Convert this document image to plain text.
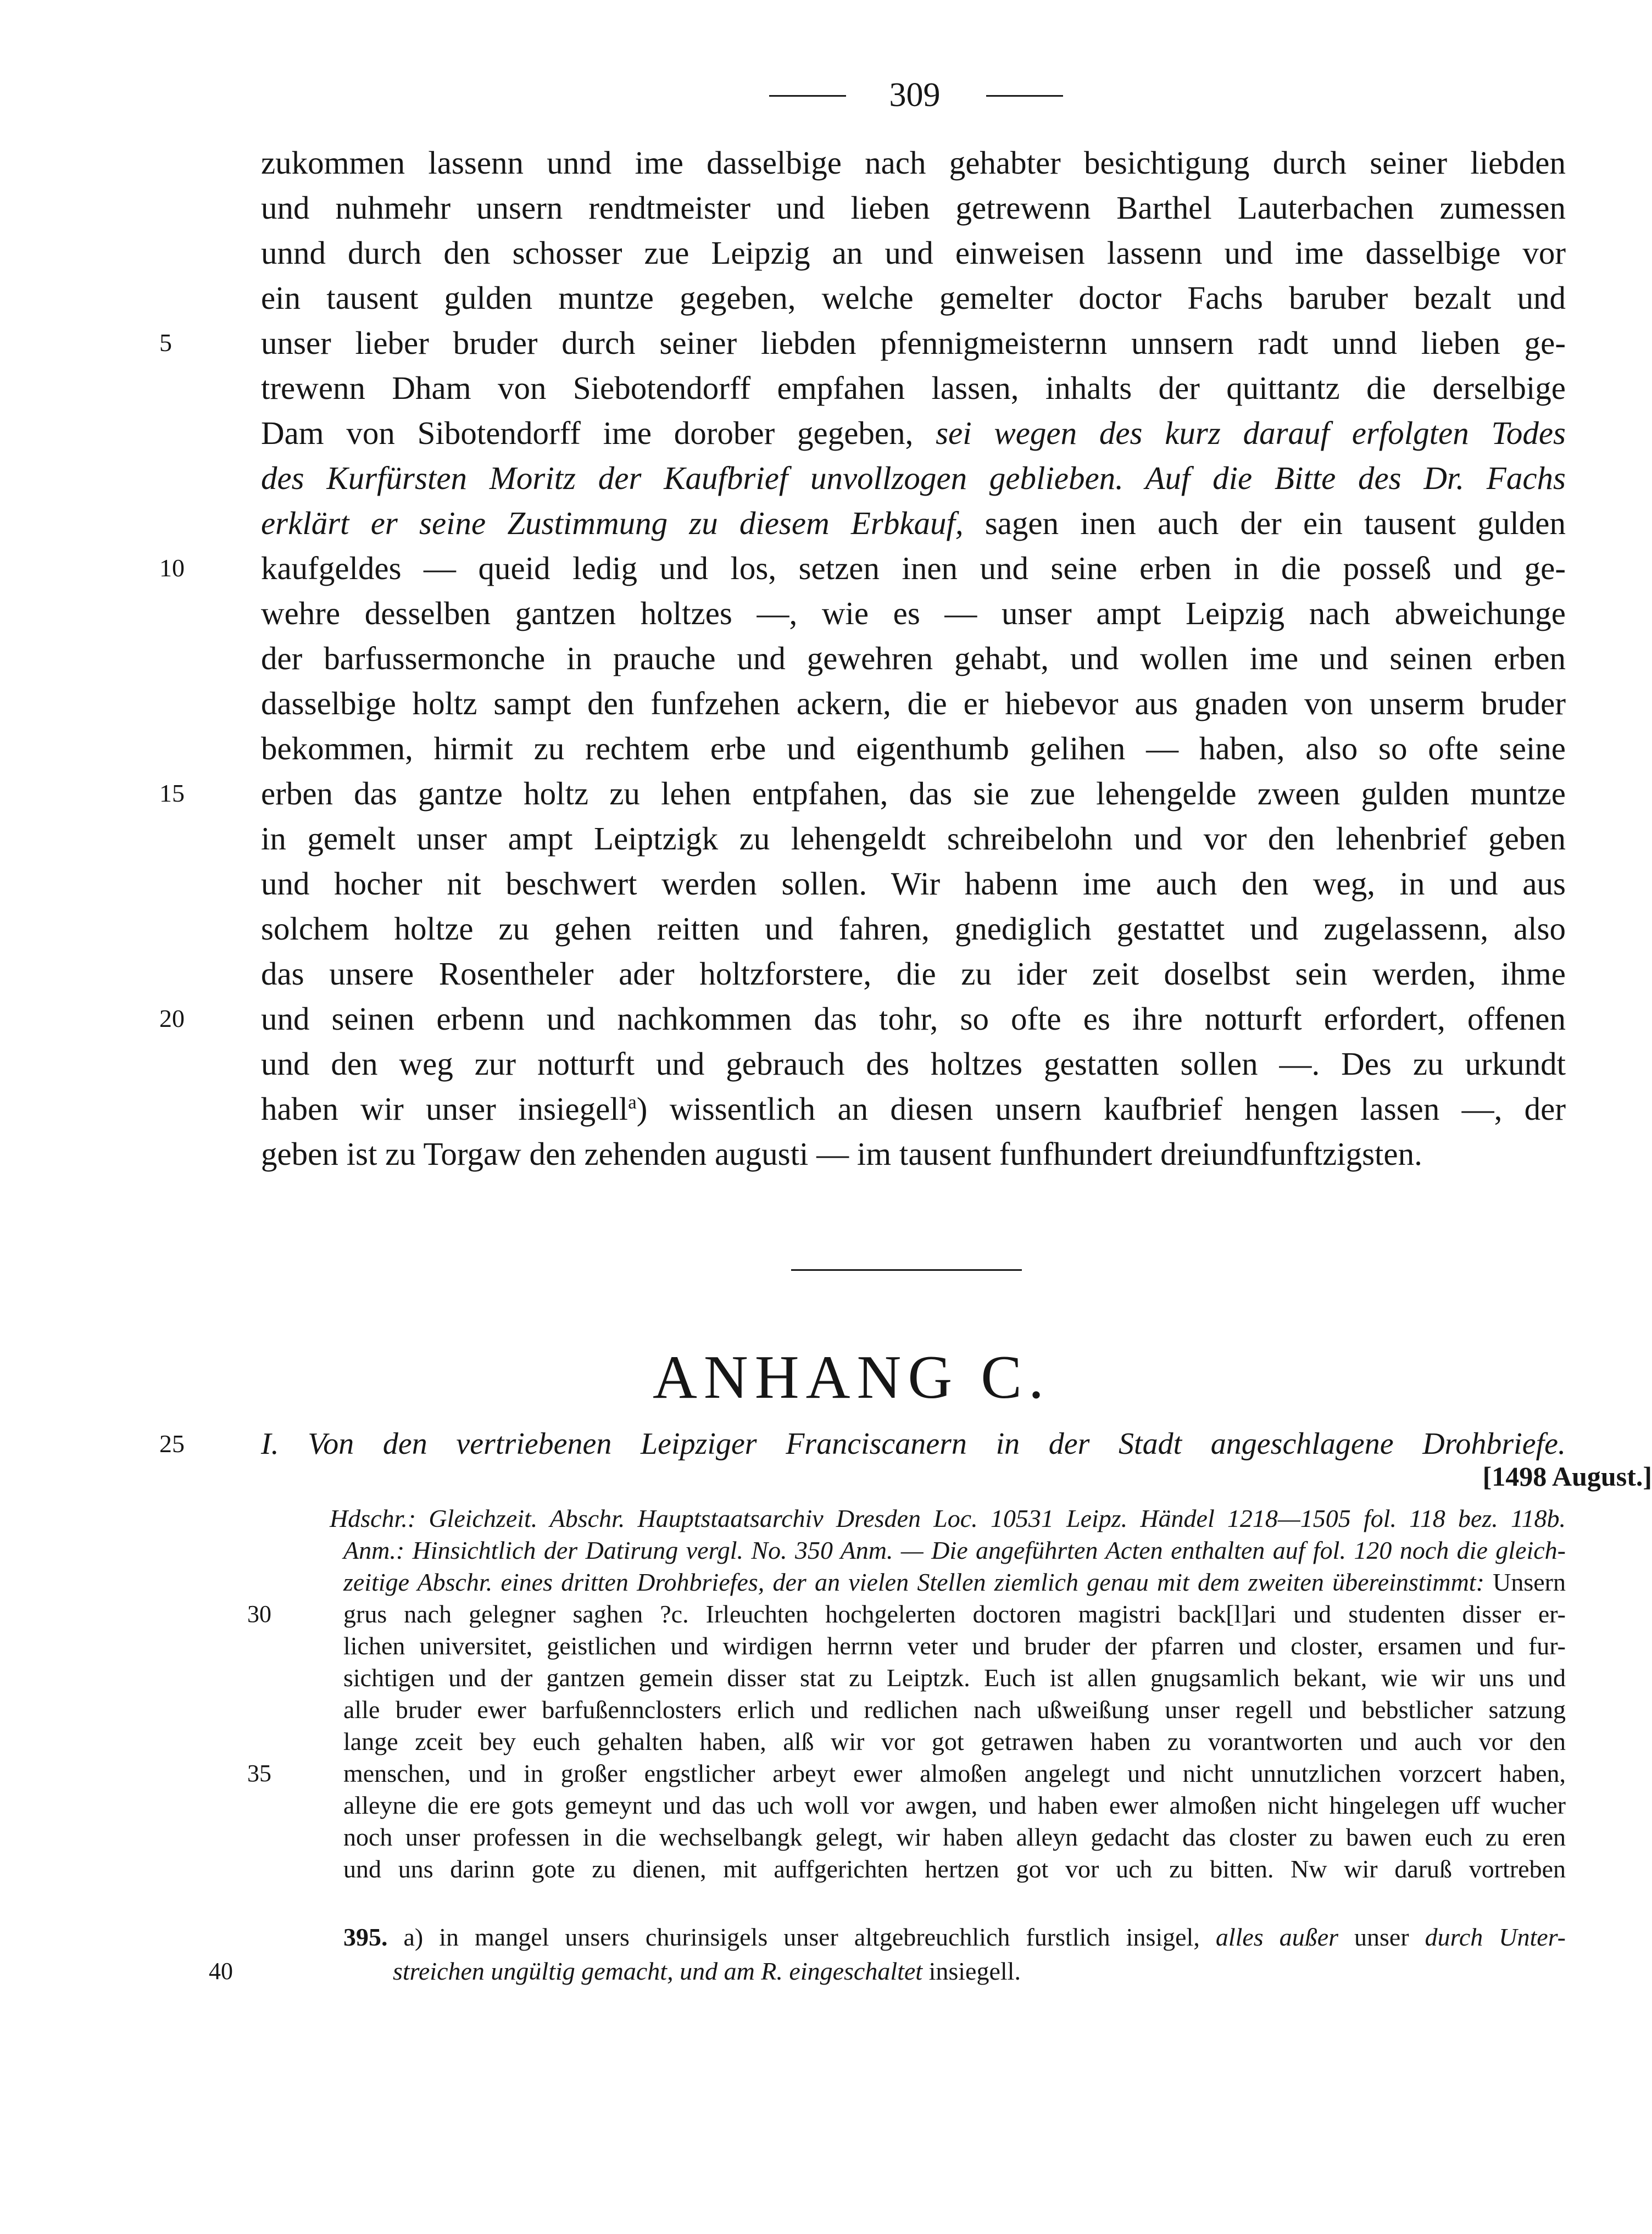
309
zukommen lassenn unnd ime dasselbige nach gehabter besichtigung durch seiner liebden
und nuhmehr unsern rendtmeister und lieben getrewenn Barthel Lauterbachen zumessen
unnd durch den schosser zue Leipzig an und einweisen lassenn und ime dasselbige vor
ein tausent gulden muntze gegeben, welche gemelter doctor Fachs baruber bezalt und
5	unser lieber bruder durch seiner liebden pfennigmeisternn unnsern radt unnd lieben ge-
trewenn Dham von Siebotendorff empfahen lassen, inhalts der quittantz die derselbige
Dam von Sibotendorff ime dorober gegeben, sei wegen des kurz darauf erfolgten Todes
des Kurfürsten Moritz der Kaufbrief unvollzogen geblieben. Auf die Bitte des Dr. Fachs
erklärt er seine Zustimmung zu diesem Erbkauf, sagen inen auch der ein tausent gulden
10	kaufgeldes — queid ledig und los, setzen inen und seine erben in die posseß und ge-
wehre desselben gantzen holtzes —, wie es — unser ampt Leipzig nach abweichunge
der barfussermonche in prauche und gewehren gehabt, und wollen ime und seinen erben
dasselbige holtz sampt den funfzehen ackern, die er hiebevor aus gnaden von unserm bruder
bekommen, hirmit zu rechtem erbe und eigenthumb gelihen — haben, also so ofte seine
15	erben das gantze holtz zu lehen entpfahen, das sie zue lehengelde zween gulden muntze
in gemelt unser ampt Leiptzigk zu lehengeldt schreibelohn und vor den lehenbrief geben
und hocher nit beschwert werden sollen. Wir habenn ime auch den weg, in und aus
solchem holtze zu gehen reitten und fahren, gnediglich gestattet und zugelassenn, also
das unsere Rosentheler ader holtzforstere, die zu ider zeit doselbst sein werden, ihme
20	und seinen erbenn und nachkommen das tohr, so ofte es ihre notturft erfordert, offenen
und den weg zur notturft und gebrauch des holtzes gestatten sollen —. Des zu urkundt
haben wir unser insiegell$^a$) wissentlich an diesen unsern kaufbrief hengen lassen —, der
geben ist zu Torgaw den zehenden augusti — im tausent funfhundert dreiundfunftzigsten.
ANHANG C.
25	I. Von den vertriebenen Leipziger Franciscanern in der Stadt angeschlagene Drohbriefe.
[1498 August.]
Hdschr.: Gleichzeit. Abschr. Hauptstaatsarchiv Dresden Loc. 10531 Leipz. Händel 1218—1505 fol. 118 bez. 118b.
Anm.: Hinsichtlich der Datirung vergl. No. 350 Anm. — Die angeführten Acten enthalten auf fol. 120 noch die gleich-
zeitige Abschr. eines dritten Drohbriefes, der an vielen Stellen ziemlich genau mit dem zweiten übereinstimmt: Unsern
30	grus nach gelegner saghen ?c. Irleuchten hochgelerten doctoren magistri back[l]ari und studenten disser er-
lichen universitet, geistlichen und wirdigen herrnn veter und bruder der pfarren und closter, ersamen und fur-
sichtigen und der gantzen gemein disser stat zu Leiptzk. Euch ist allen gnugsamlich bekant, wie wir uns und
alle bruder ewer barfußennclosters erlich und redlichen nach ußweißung unser regell und bebstlicher satzung
lange zceit bey euch gehalten haben, alß wir vor got getrawen haben zu vorantworten und auch vor den
35	menschen, und in großer engstlicher arbeyt ewer almoßen angelegt und nicht unnutzlichen vorzcert haben,
alleyne die ere gots gemeynt und das uch woll vor awgen, und haben ewer almoßen nicht hingelegen uff wucher
noch unser professen in die wechselbangk gelegt, wir haben alleyn gedacht das closter zu bawen euch zu eren
und uns darinn gote zu dienen, mit auffgerichten hertzen got vor uch zu bitten. Nw wir daruß vortreben
395. a) in mangel unsers churinsigels unser altgebreuchlich furstlich insigel, alles außer unser durch Unter-
40	streichen ungültig gemacht, und am R. eingeschaltet insiegell.
